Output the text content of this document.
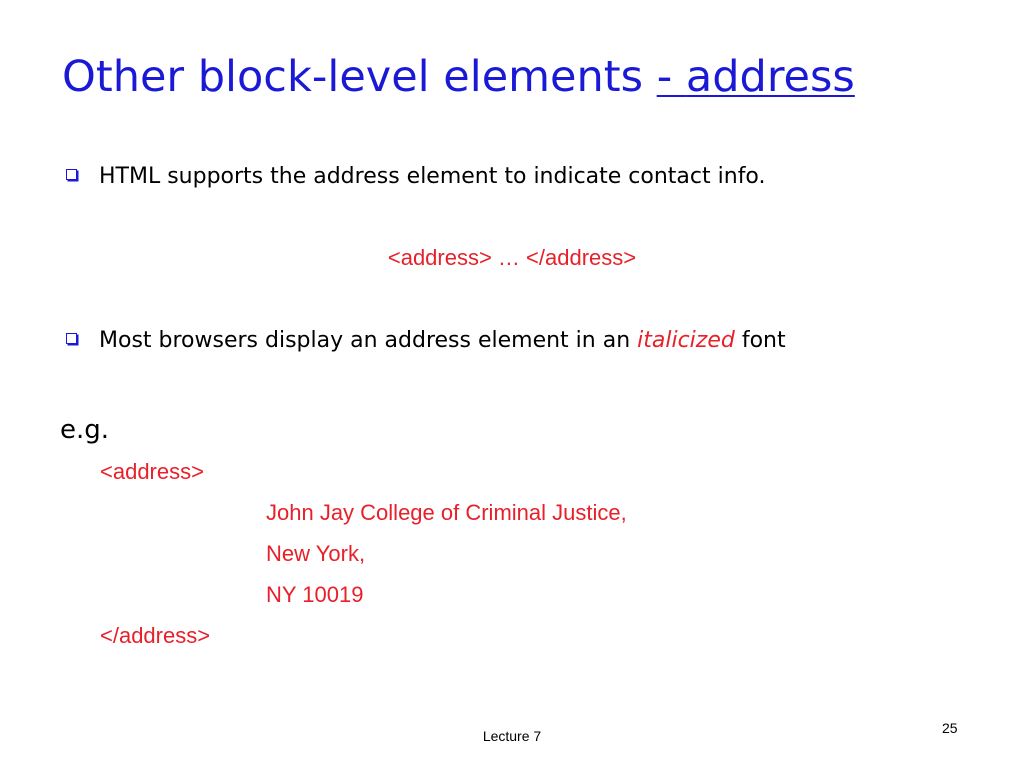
Other block-level elements - address
HTML supports the address element to indicate contact info.
<address> … </address>
Most browsers display an address element in an italicized font
e.g.
<address>
John Jay College of Criminal Justice,
New York,
NY 10019
</address>
Lecture 7	25
